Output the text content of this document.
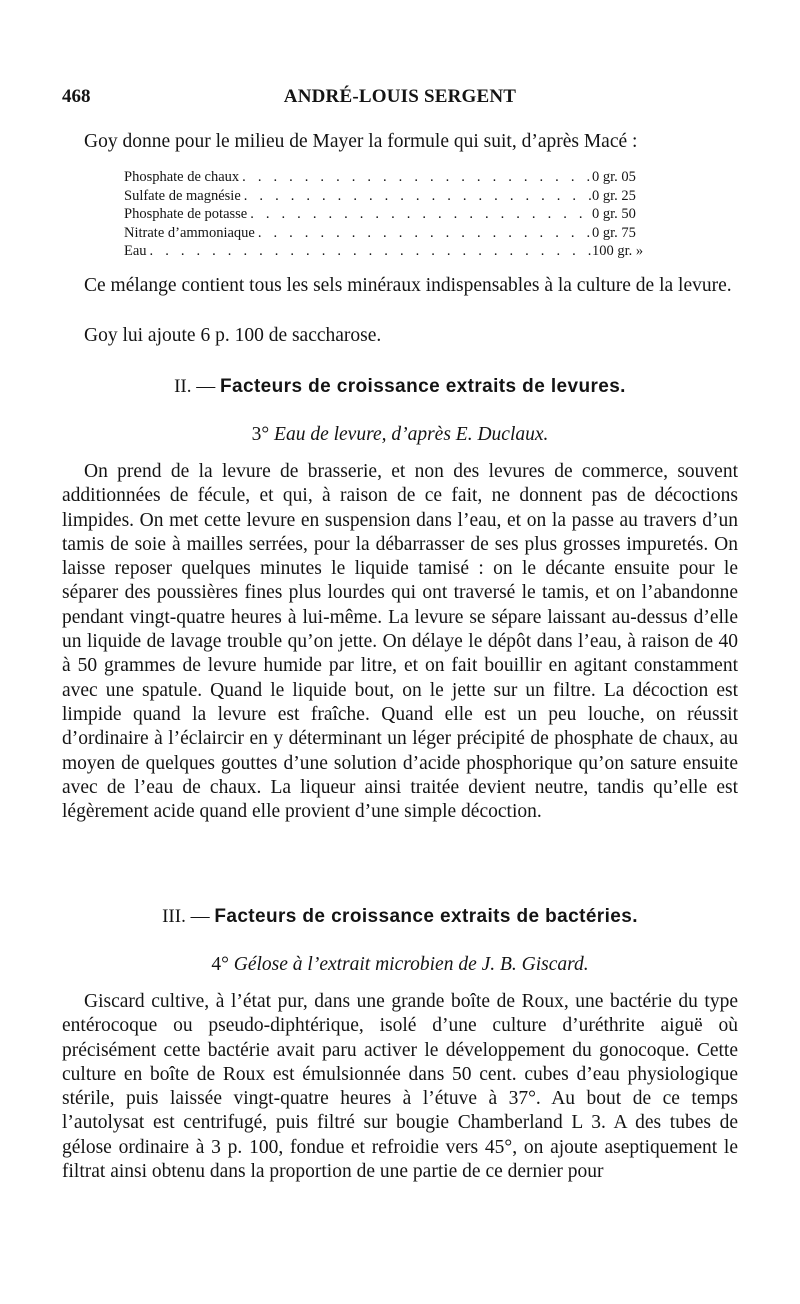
468	ANDRÉ-LOUIS SERGENT
Goy donne pour le milieu de Mayer la formule qui suit, d’après Macé :
Phosphate de chaux . . .	0 gr. 05
Sulfate de magnésie . . .	0 gr. 25
Phosphate de potasse . . .	0 gr. 50
Nitrate d’ammoniaque . . .	0 gr. 75
Eau . . .	100 gr. »
Ce mélange contient tous les sels minéraux indispensables à la culture de la levure.
Goy lui ajoute 6 p. 100 de saccharose.
II. — Facteurs de croissance extraits de levures.
3° Eau de levure, d’après E. Duclaux.
On prend de la levure de brasserie, et non des levures de commerce, souvent additionnées de fécule, et qui, à raison de ce fait, ne donnent pas de décoctions limpides. On met cette levure en suspension dans l’eau, et on la passe au travers d’un tamis de soie à mailles serrées, pour la débarrasser de ses plus grosses impuretés. On laisse reposer quelques minutes le liquide tamisé : on le décante ensuite pour le séparer des poussières fines plus lourdes qui ont traversé le tamis, et on l’abandonne pendant vingt-quatre heures à lui-même. La levure se sépare laissant au-dessus d’elle un liquide de lavage trouble qu’on jette. On délaye le dépôt dans l’eau, à raison de 40 à 50 grammes de levure humide par litre, et on fait bouillir en agitant constamment avec une spatule. Quand le liquide bout, on le jette sur un filtre. La décoction est limpide quand la levure est fraîche. Quand elle est un peu louche, on réussit d’ordinaire à l’éclaircir en y déterminant un léger précipité de phosphate de chaux, au moyen de quelques gouttes d’une solution d’acide phosphorique qu’on sature ensuite avec de l’eau de chaux. La liqueur ainsi traitée devient neutre, tandis qu’elle est légèrement acide quand elle provient d’une simple décoction.
III. — Facteurs de croissance extraits de bactéries.
4° Gélose à l’extrait microbien de J. B. Giscard.
Giscard cultive, à l’état pur, dans une grande boîte de Roux, une bactérie du type entérocoque ou pseudo-diphtérique, isolé d’une culture d’uréthrite aiguë où précisément cette bactérie avait paru activer le développement du gonocoque. Cette culture en boîte de Roux est émulsionnée dans 50 cent. cubes d’eau physiologique stérile, puis laissée vingt-quatre heures à l’étuve à 37°. Au bout de ce temps l’autolysat est centrifugé, puis filtré sur bougie Chamberland L 3. A des tubes de gélose ordinaire à 3 p. 100, fondue et refroidie vers 45°, on ajoute aseptiquement le filtrat ainsi obtenu dans la proportion de une partie de ce dernier pour
